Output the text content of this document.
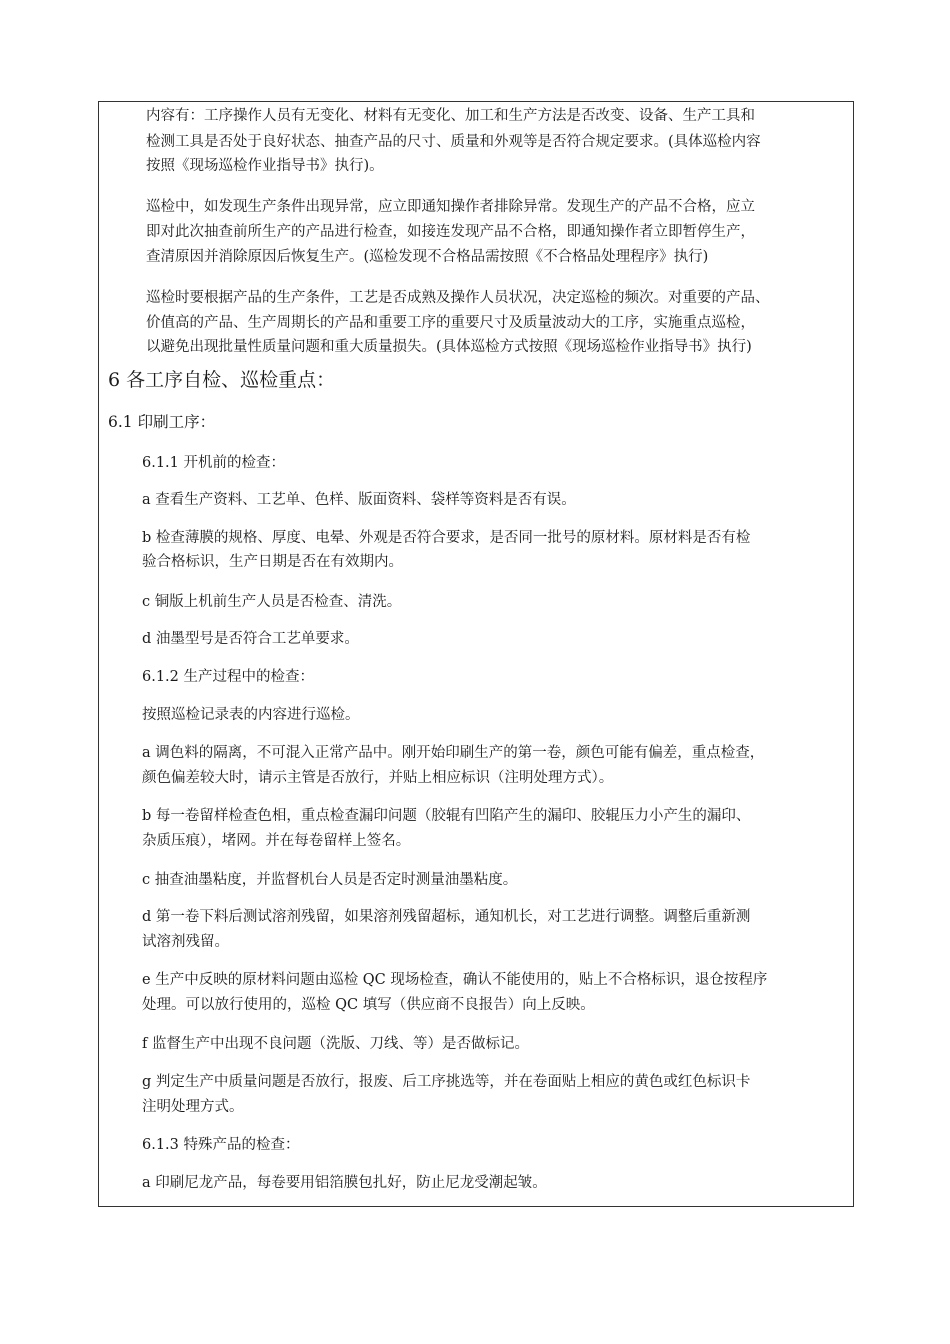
内容有：工序操作人员有无变化、材料有无变化、加工和生产方法是否改变、设备、生产工具和
检测工具是否处于良好状态、抽查产品的尺寸、质量和外观等是否符合规定要求。(具体巡检内容
按照《现场巡检作业指导书》执行)。
巡检中，如发现生产条件出现异常，应立即通知操作者排除异常。发现生产的产品不合格，应立
即对此次抽查前所生产的产品进行检查，如接连发现产品不合格，即通知操作者立即暂停生产，
查清原因并消除原因后恢复生产。(巡检发现不合格品需按照《不合格品处理程序》执行)
巡检时要根据产品的生产条件，工艺是否成熟及操作人员状况，决定巡检的频次。对重要的产品、
价值高的产品、生产周期长的产品和重要工序的重要尺寸及质量波动大的工序，实施重点巡检，
以避免出现批量性质量问题和重大质量损失。(具体巡检方式按照《现场巡检作业指导书》执行)
6 各工序自检、巡检重点：
6.1 印刷工序：
6.1.1 开机前的检查：
a 查看生产资料、工艺单、色样、版面资料、袋样等资料是否有误。
b 检查薄膜的规格、厚度、电晕、外观是否符合要求，是否同一批号的原材料。原材料是否有检
验合格标识，生产日期是否在有效期内。
c 铜版上机前生产人员是否检查、清洗。
d 油墨型号是否符合工艺单要求。
6.1.2 生产过程中的检查：
按照巡检记录表的内容进行巡检。
a 调色料的隔离，不可混入正常产品中。刚开始印刷生产的第一卷，颜色可能有偏差，重点检查，
颜色偏差较大时，请示主管是否放行，并贴上相应标识（注明处理方式）。
b 每一卷留样检查色相，重点检查漏印问题（胶辊有凹陷产生的漏印、胶辊压力小产生的漏印、
杂质压痕），堵网。并在每卷留样上签名。
c 抽查油墨粘度，并监督机台人员是否定时测量油墨粘度。
d 第一卷下料后测试溶剂残留，如果溶剂残留超标，通知机长，对工艺进行调整。调整后重新测
试溶剂残留。
e 生产中反映的原材料问题由巡检 QC 现场检查，确认不能使用的，贴上不合格标识，退仓按程序
处理。可以放行使用的，巡检 QC 填写（供应商不良报告）向上反映。
f 监督生产中出现不良问题（洗版、刀线、等）是否做标记。
g 判定生产中质量问题是否放行，报废、后工序挑选等，并在卷面贴上相应的黄色或红色标识卡
注明处理方式。
6.1.3 特殊产品的检查：
a 印刷尼龙产品，每卷要用铝箔膜包扎好，防止尼龙受潮起皱。
